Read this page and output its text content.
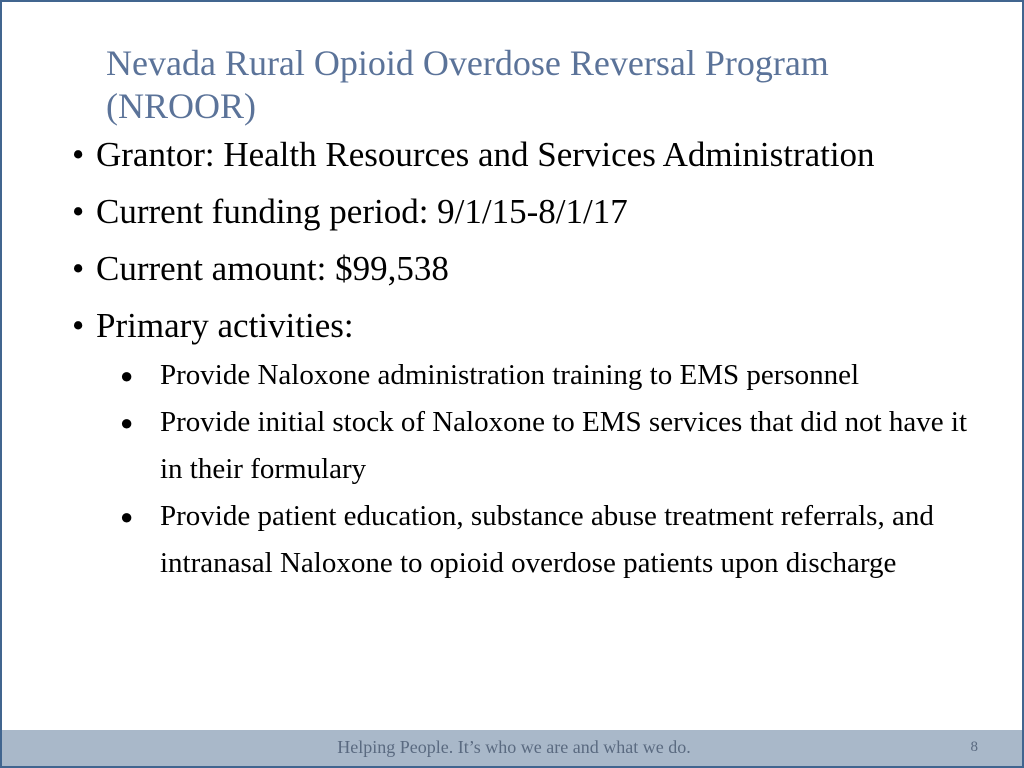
Nevada Rural Opioid Overdose Reversal Program (NROOR)
• Grantor: Health Resources and Services Administration
• Current funding period: 9/1/15-8/1/17
• Current amount: $99,538
• Primary activities:
● Provide Naloxone administration training to EMS personnel
● Provide initial stock of Naloxone to EMS services that did not have it in their formulary
● Provide patient education, substance abuse treatment referrals, and intranasal Naloxone to opioid overdose patients upon discharge
Helping People. It’s who we are and what we do.	8
